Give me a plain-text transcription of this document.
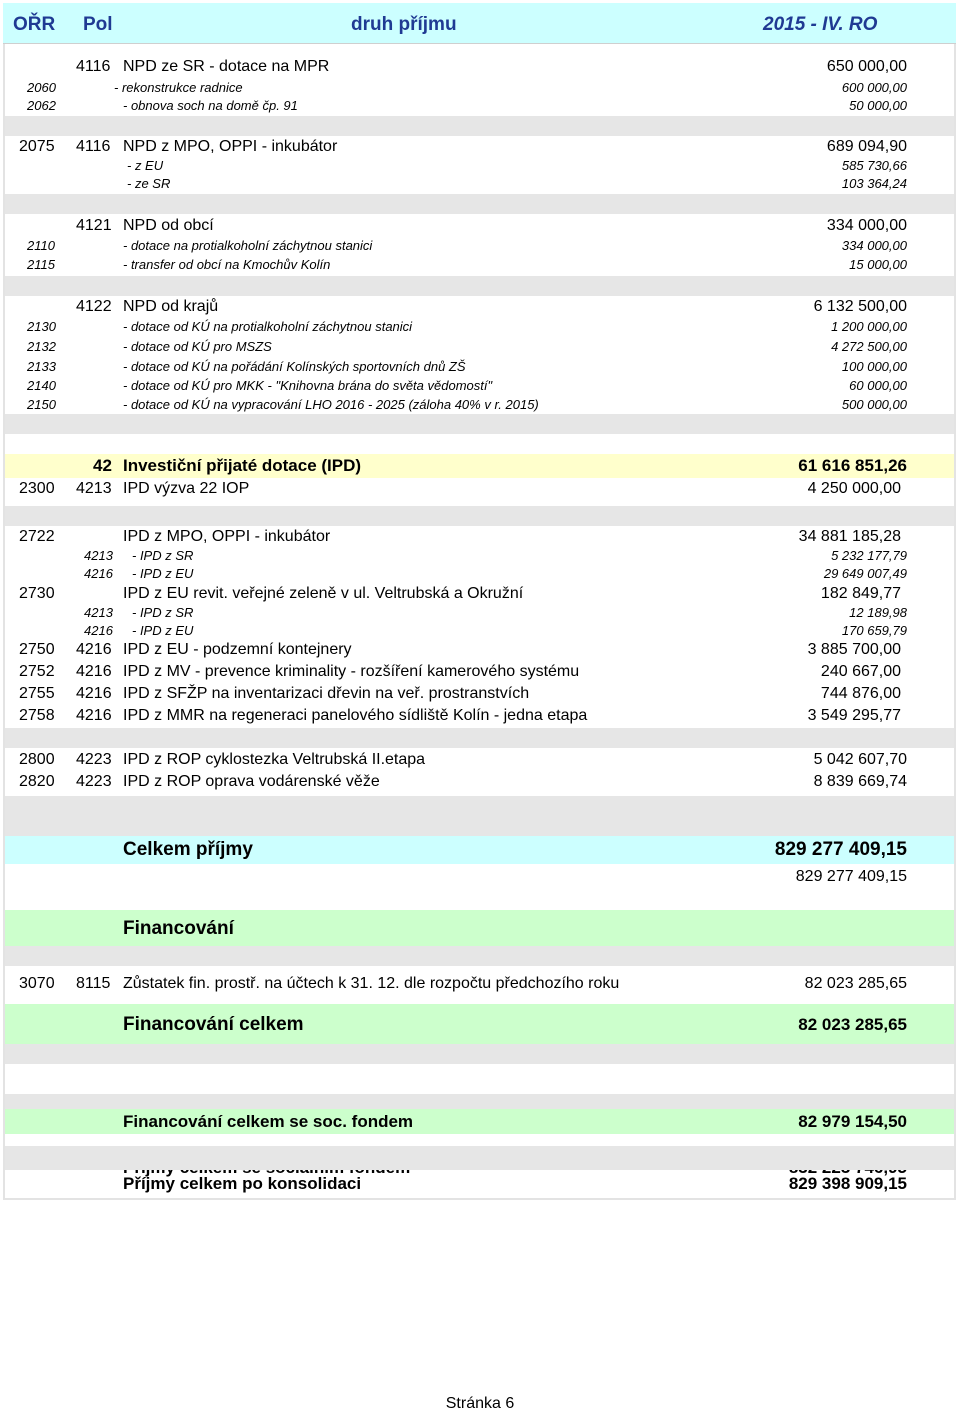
OŘR Pol	druh příjmu	2015 - IV. RO
4116 NPD ze SR - dotace na MPR	650 000,00
2060	- rekonstrukce radnice	600 000,00
2062	- obnova soch na domě čp. 91	50 000,00
2075 4116 NPD z MPO, OPPI - inkubátor	689 094,90
- z EU	585 730,66
- ze SR	103 364,24
4121 NPD od obcí	334 000,00
2110	- dotace na protialkoholní záchytnou stanici	334 000,00
2115	- transfer od obcí na Kmochův Kolín	15 000,00
4122 NPD od krajů	6 132 500,00
2130	- dotace od KÚ na protialkoholní záchytnou stanici	1 200 000,00
2132	- dotace od KÚ pro MSZS	4 272 500,00
2133	- dotace od KÚ na pořádání Kolínských sportovních dnů ZŠ	100 000,00
2140	- dotace od KÚ pro MKK - "Knihovna brána do světa vědomostí"	60 000,00
2150	- dotace od KÚ na vypracování LHO 2016 - 2025 (záloha 40% v r. 2015)	500 000,00
42 Investiční přijaté dotace (IPD)	61 616 851,26
2300 4213 IPD výzva 22 IOP	4 250 000,00
2722	IPD z MPO, OPPI - inkubátor	34 881 185,28
4213 - IPD z SR	5 232 177,79
4216 - IPD z EU	29 649 007,49
2730	IPD z EU revit. veřejné zeleně v ul. Veltrubská a Okružní	182 849,77
4213 - IPD z SR	12 189,98
4216 - IPD z EU	170 659,79
2750 4216 IPD z EU - podzemní kontejnery	3 885 700,00
2752 4216 IPD z MV - prevence kriminality - rozšíření kamerového systému	240 667,00
2755 4216 IPD z SFŽP na inventarizaci dřevin na veř. prostranstvích	744 876,00
2758 4216 IPD z MMR na regeneraci panelového sídliště Kolín - jedna etapa	3 549 295,77
2800 4223 IPD z ROP cyklostezka Veltrubská II.etapa	5 042 607,70
2820 4223 IPD z ROP oprava vodárenské věže	8 839 669,74
Celkem příjmy	829 277 409,15
829 277 409,15
Financování
3070 8115 Zůstatek fin. prostř. na účtech k 31. 12. dle rozpočtu předchozího roku	82 023 285,65
Financování celkem	82 023 285,65
Financování celkem se soc. fondem	82 979 154,50
Příjmy celkem po konsolidaci	829 398 909,15
Stránka 6
